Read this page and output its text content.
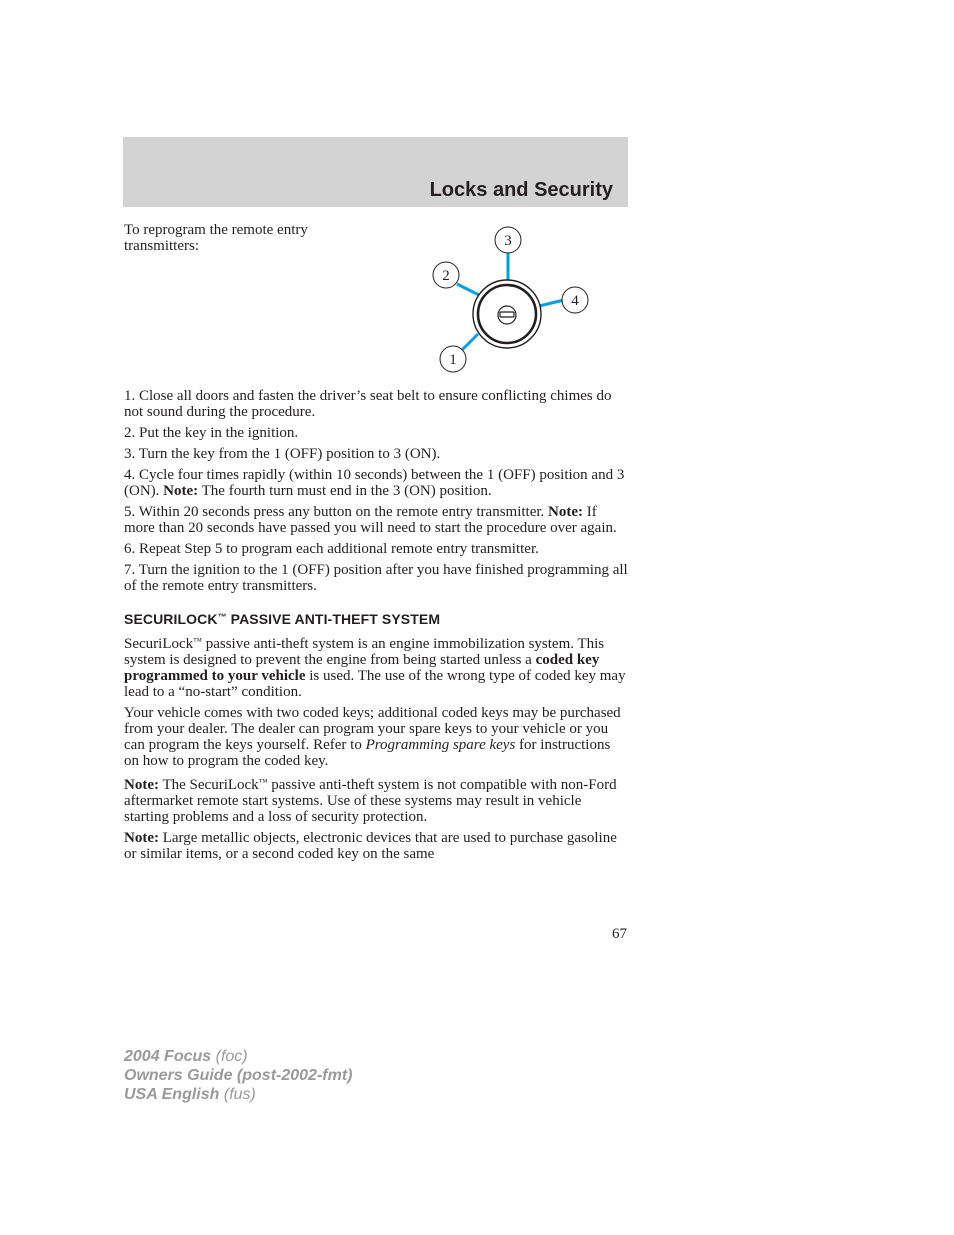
Locks and Security

To reprogram the remote entry transmitters:	3
2
4
1

1. Close all doors and fasten the driver’s seat belt to ensure conflicting chimes do not sound during the procedure.

2. Put the key in the ignition.

3. Turn the key from the 1 (OFF) position to 3 (ON).

4. Cycle four times rapidly (within 10 seconds) between the 1 (OFF) position and 3 (ON). Note: The fourth turn must end in the 3 (ON) position.

5. Within 20 seconds press any button on the remote entry transmitter. Note: If more than 20 seconds have passed you will need to start the procedure over again.

6. Repeat Step 5 to program each additional remote entry transmitter.

7. Turn the ignition to the 1 (OFF) position after you have finished programming all of the remote entry transmitters.

SECURILOCK™ PASSIVE ANTI-THEFT SYSTEM

SecuriLock™ passive anti-theft system is an engine immobilization system. This system is designed to prevent the engine from being started unless a coded key programmed to your vehicle is used. The use of the wrong type of coded key may lead to a “no-start” condition.

Your vehicle comes with two coded keys; additional coded keys may be purchased from your dealer. The dealer can program your spare keys to your vehicle or you can program the keys yourself. Refer to Programming spare keys for instructions on how to program the coded key.

Note: The SecuriLock™ passive anti-theft system is not compatible with non-Ford aftermarket remote start systems. Use of these systems may result in vehicle starting problems and a loss of security protection.

Note: Large metallic objects, electronic devices that are used to purchase gasoline or similar items, or a second coded key on the same

67
2004 Focus (foc)
Owners Guide (post-2002-fmt)
USA English (fus)
